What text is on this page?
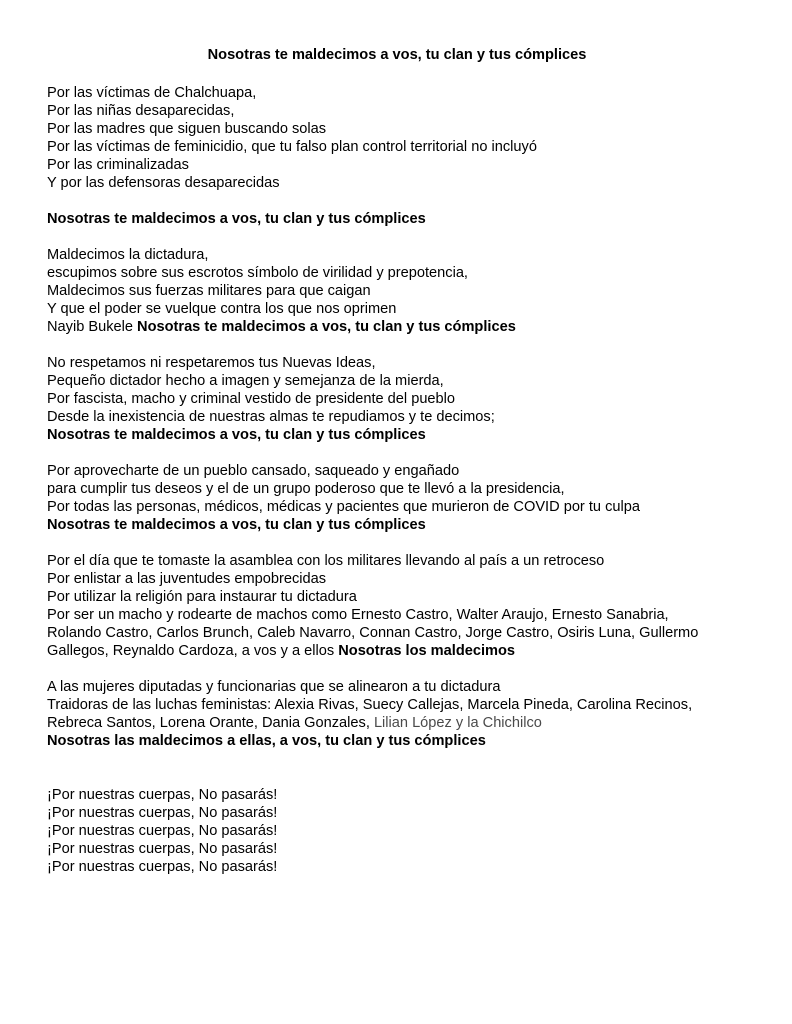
Nosotras te maldecimos a vos, tu clan y tus cómplices
Por las víctimas de Chalchuapa,
Por las niñas desaparecidas,
Por las madres que siguen buscando solas
Por las víctimas de feminicidio, que tu falso plan control territorial no incluyó
Por las criminalizadas
Y por las defensoras desaparecidas
Nosotras te maldecimos a vos, tu clan y tus cómplices
Maldecimos la dictadura,
escupimos sobre sus escrotos símbolo de virilidad y prepotencia,
Maldecimos sus fuerzas militares para que caigan
Y que el poder se vuelque contra los que nos oprimen
Nayib Bukele Nosotras te maldecimos a vos, tu clan y tus cómplices
No respetamos ni respetaremos tus Nuevas Ideas,
Pequeño dictador hecho a imagen y semejanza de la mierda,
Por fascista, macho y criminal vestido de presidente del pueblo
Desde la inexistencia de nuestras almas te repudiamos y te decimos;
Nosotras te maldecimos a vos, tu clan y tus cómplices
Por aprovecharte de un pueblo cansado, saqueado y engañado
para cumplir tus deseos y el de un grupo poderoso que te llevó a la presidencia,
Por todas las personas, médicos, médicas y pacientes que murieron de COVID por tu culpa
Nosotras te maldecimos a vos, tu clan y tus cómplices
Por el día que te tomaste la asamblea con los militares llevando al país a un retroceso
Por enlistar a las juventudes empobrecidas
Por utilizar la religión para instaurar tu dictadura
Por ser un macho y rodearte de machos como Ernesto Castro, Walter Araujo, Ernesto Sanabria,
Rolando Castro, Carlos Brunch, Caleb Navarro, Connan Castro, Jorge Castro, Osiris Luna, Gullermo
Gallegos, Reynaldo Cardoza, a vos y a ellos Nosotras los maldecimos
A las mujeres diputadas y funcionarias que se alinearon a tu dictadura
Traidoras de las luchas feministas: Alexia Rivas, Suecy Callejas, Marcela Pineda, Carolina Recinos,
Rebreca Santos, Lorena Orante, Dania Gonzales, Lilian López y la Chichilco
Nosotras las maldecimos a ellas, a vos, tu clan y tus cómplices
¡Por nuestras cuerpas, No pasarás!
¡Por nuestras cuerpas, No pasarás!
¡Por nuestras cuerpas, No pasarás!
¡Por nuestras cuerpas, No pasarás!
¡Por nuestras cuerpas, No pasarás!
